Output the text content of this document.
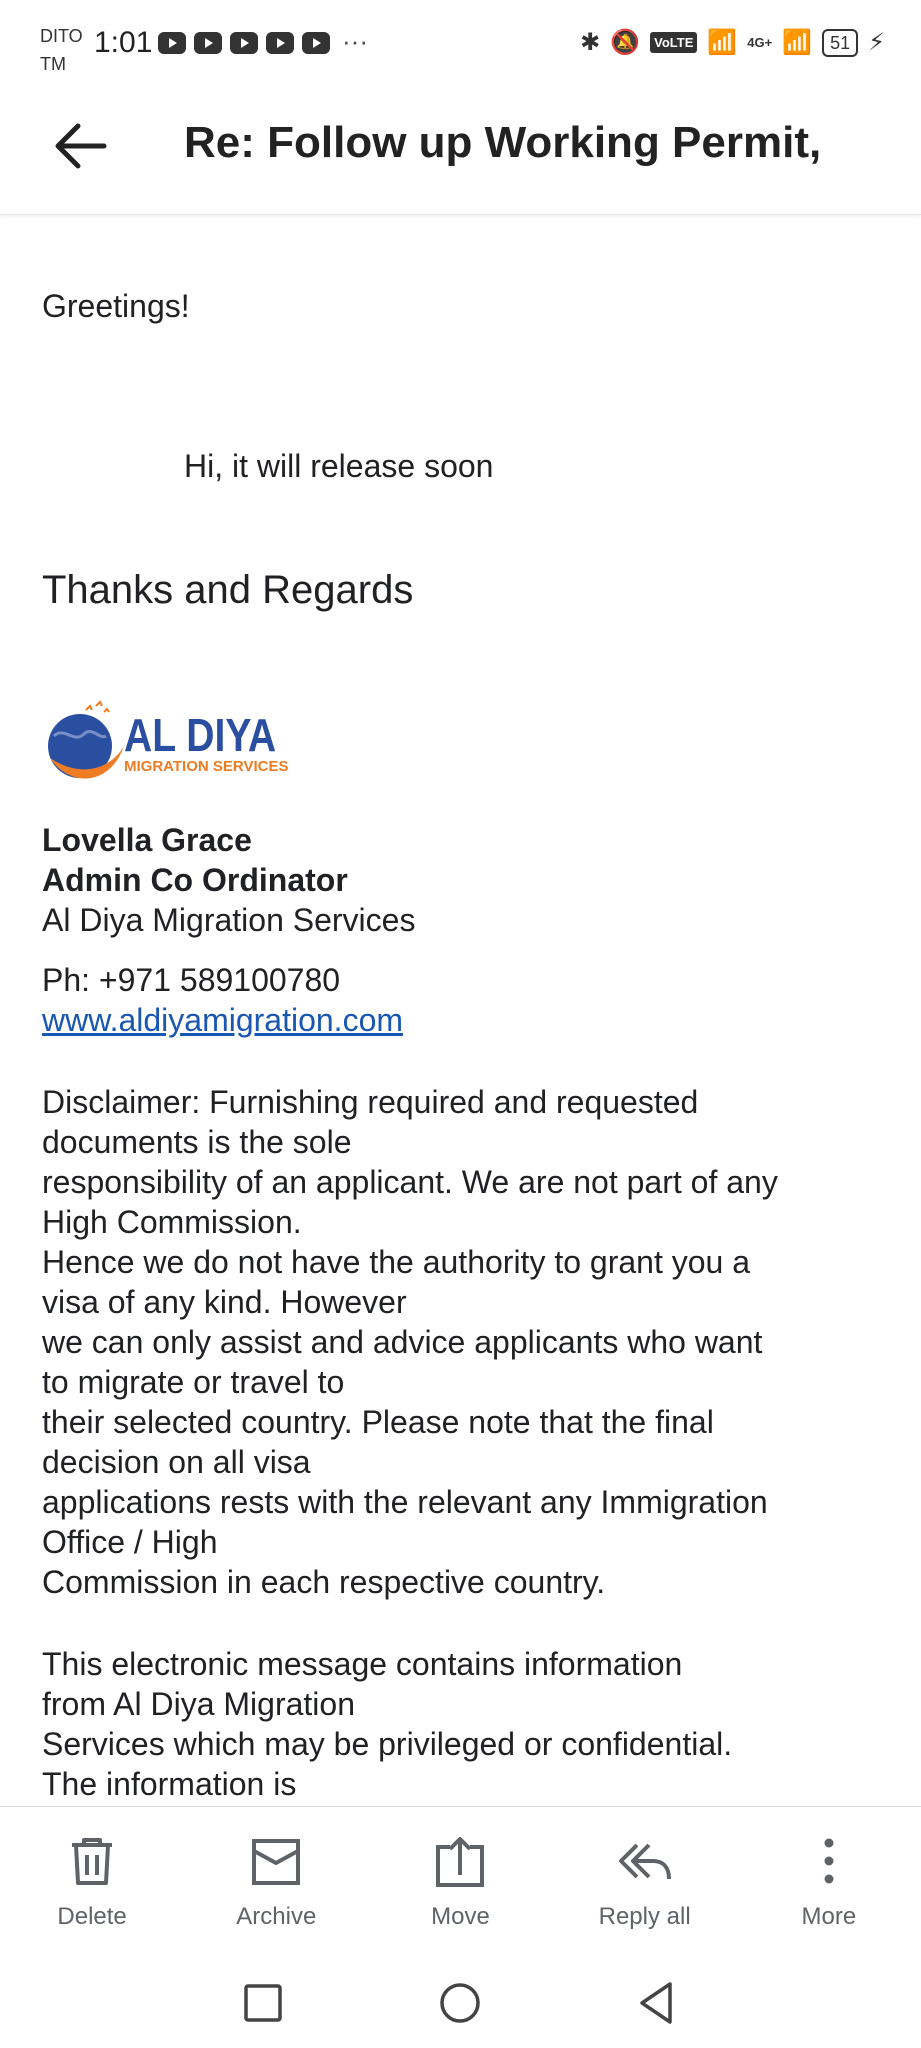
DITO TM
1:01	···	✱ 🔕	VoLTE 📶 4G+ 📶	51 ⚡
Re: Follow up Working Permit,
Greetings!
Hi, it will release soon
Thanks and Regards
AL DIYA
MIGRATION SERVICES
Lovella Grace
Admin Co Ordinator
Al Diya Migration Services
Ph: +971 589100780
www.aldiyamigration.com
Disclaimer: Furnishing required and requested
documents is the sole
responsibility of an applicant. We are not part of any
High Commission.
Hence we do not have the authority to grant you a
visa of any kind. However
we can only assist and advice applicants who want
to migrate or travel to
their selected country. Please note that the final
decision on all visa
applications rests with the relevant any Immigration
Office / High
Commission in each respective country.
This electronic message contains information
from Al Diya Migration
Services which may be privileged or confidential.
The information is
Delete	Archive	Move	Reply all	More
